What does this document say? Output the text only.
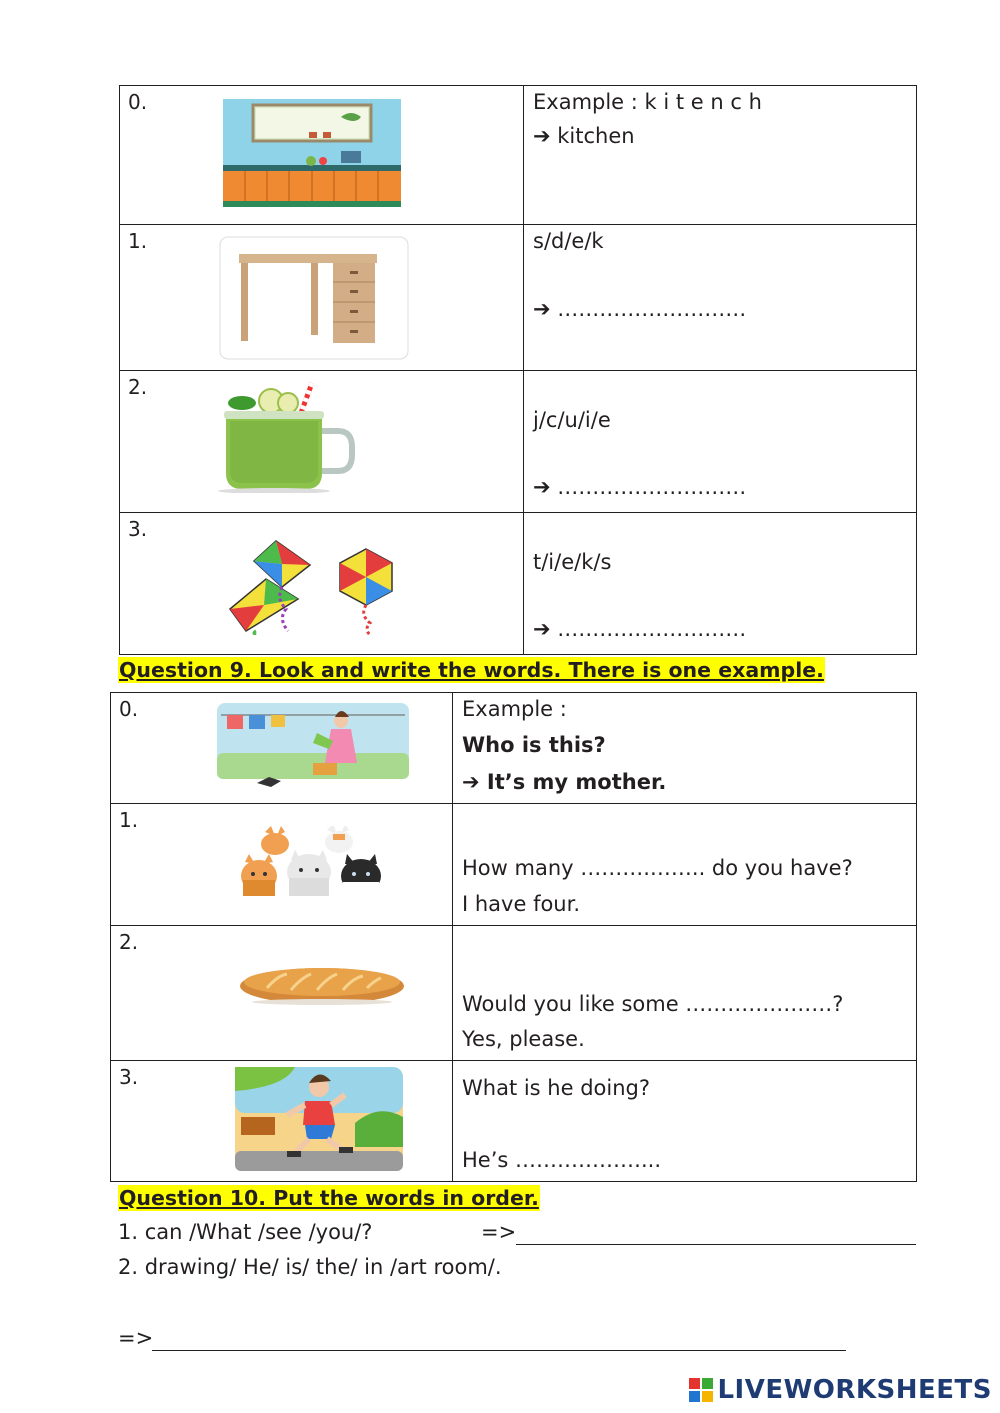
0.	Example : k i t e n c h
➔ kitchen

1.	s/d/e/k
➔ ………………………

2.	j/c/u/i/e
➔ ………………………

3.	t/i/e/k/s
➔ ………………………
Question 9. Look and write the words. There is one example.
0.	Example :
Who is this?
➔ It’s my mother.

1.	How many ……….…….. do you have?
I have four.

2.	Would you like some …………………?
Yes, please.

3.	What is he doing?
He’s ………………...
Question 10. Put the words in order.
1. can /What /see /you/?	=>
2. drawing/ He/ is/ the/ in /art room/.
=>
LIVEWORKSHEETS
